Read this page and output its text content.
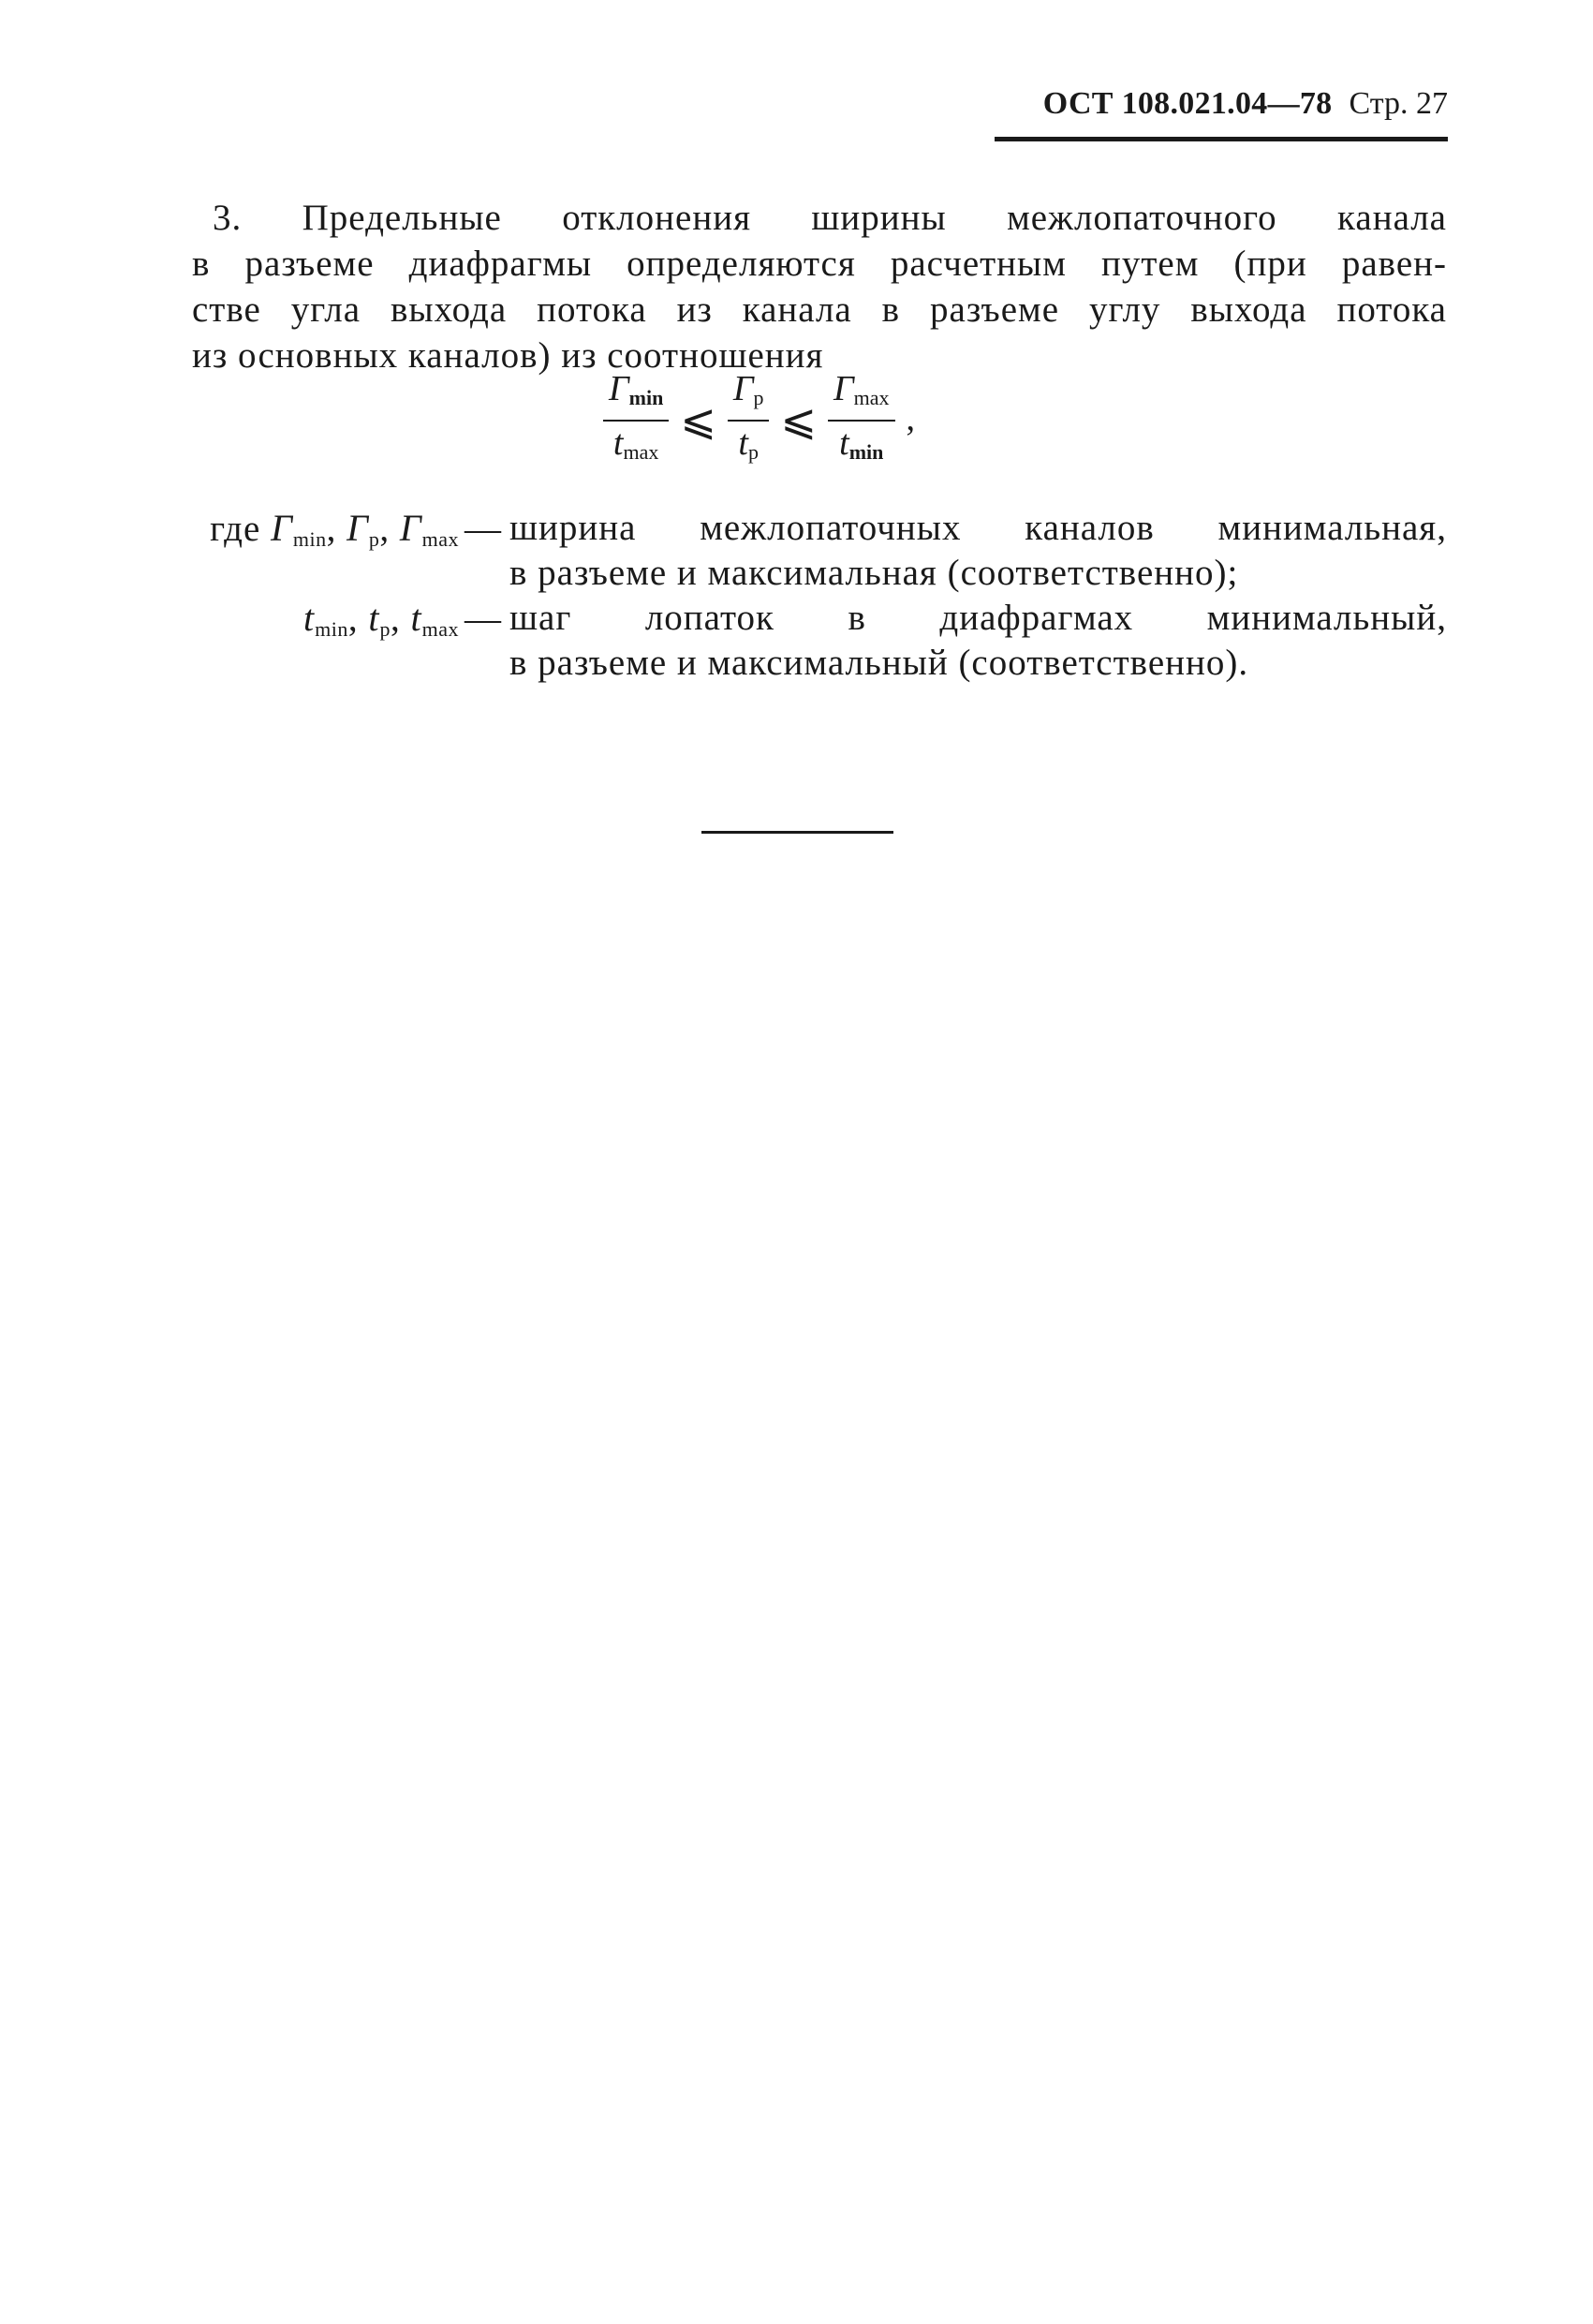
ОСТ 108.021.04—78 Стр. 27
3. Предельные отклонения ширины межлопаточного канала
в разъеме диафрагмы определяются расчетным путем (при равен-
стве угла выхода потока из канала в разъеме углу выхода потока
из основных каналов) из соотношения
$\frac{Г_{min}}{t_{max}}$ ⩽ $\frac{Г_р}{t_р}$ ⩽ $\frac{Г_{max}}{t_{min}}$ ,
где $Г_{min}$, $Г_р$, $Г_{max}$ — ширина межлопаточных каналов минимальная,
в разъеме и максимальная (соответственно);
$t_{min}$, $t_р$, $t_{max}$ — шаг лопаток в диафрагмах минимальный,
в разъеме и максимальный (соответственно).
